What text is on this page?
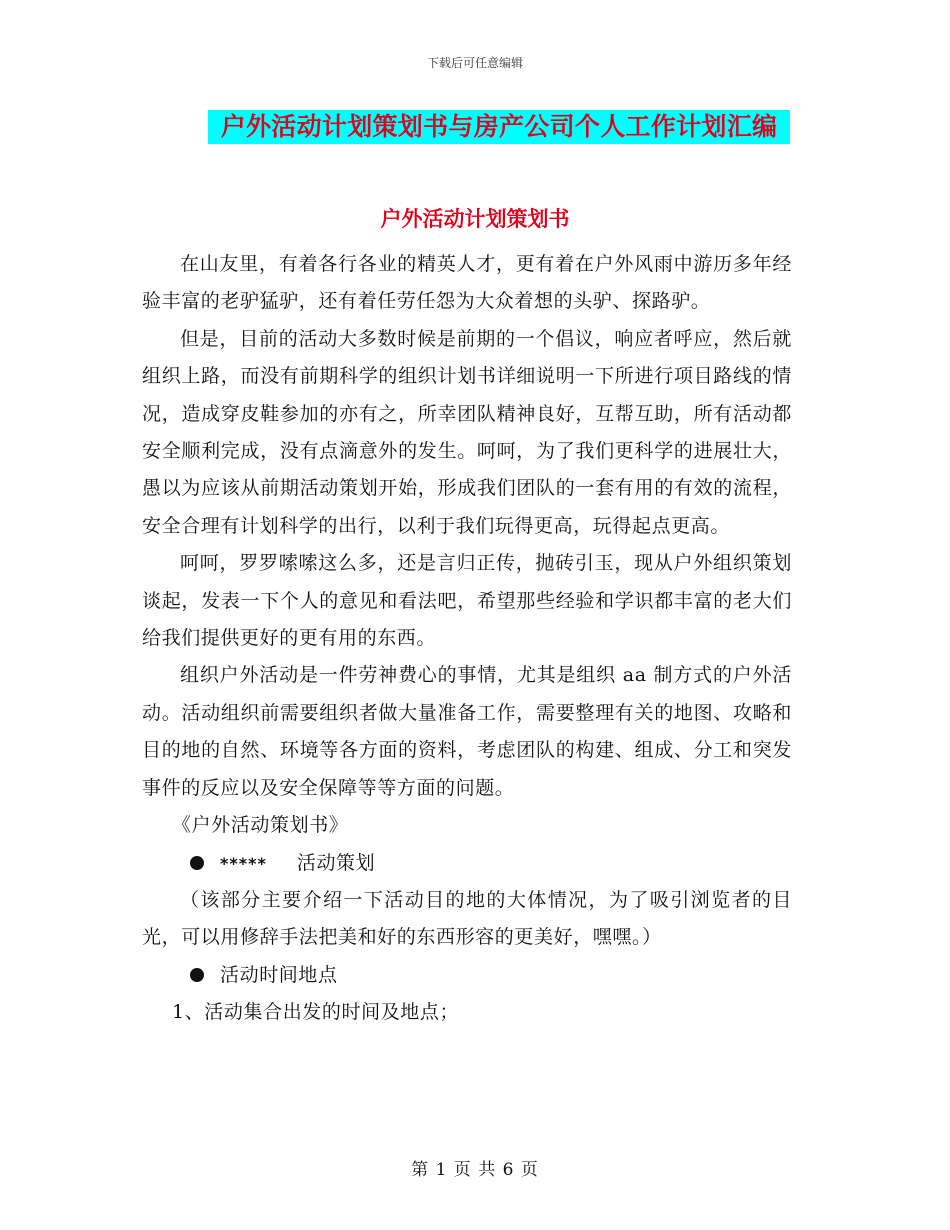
下载后可任意编辑
户外活动计划策划书与房产公司个人工作计划汇编
户外活动计划策划书

在山友里，有着各行各业的精英人才，更有着在户外风雨中游历多年经验丰富的老驴猛驴，还有着任劳任怨为大众着想的头驴、探路驴。

但是，目前的活动大多数时候是前期的一个倡议，响应者呼应，然后就组织上路，而没有前期科学的组织计划书详细说明一下所进行项目路线的情况，造成穿皮鞋参加的亦有之，所幸团队精神良好，互帮互助，所有活动都安全顺利完成，没有点滴意外的发生。呵呵，为了我们更科学的进展壮大，愚以为应该从前期活动策划开始，形成我们团队的一套有用的有效的流程，安全合理有计划科学的出行，以利于我们玩得更高，玩得起点更高。

呵呵，罗罗嗦嗦这么多，还是言归正传，抛砖引玉，现从户外组织策划谈起，发表一下个人的意见和看法吧，希望那些经验和学识都丰富的老大们给我们提供更好的更有用的东西。

组织户外活动是一件劳神费心的事情，尤其是组织 aa 制方式的户外活动。活动组织前需要组织者做大量准备工作，需要整理有关的地图、攻略和目的地的自然、环境等各方面的资料，考虑团队的构建、组成、分工和突发事件的反应以及安全保障等等方面的问题。

《户外活动策划书》
***** 活动策划

（该部分主要介绍一下活动目的地的大体情况，为了吸引浏览者的目光，可以用修辞手法把美和好的东西形容的更美好，嘿嘿。）

活动时间地点
1、活动集合出发的时间及地点；
第 1 页 共 6 页
